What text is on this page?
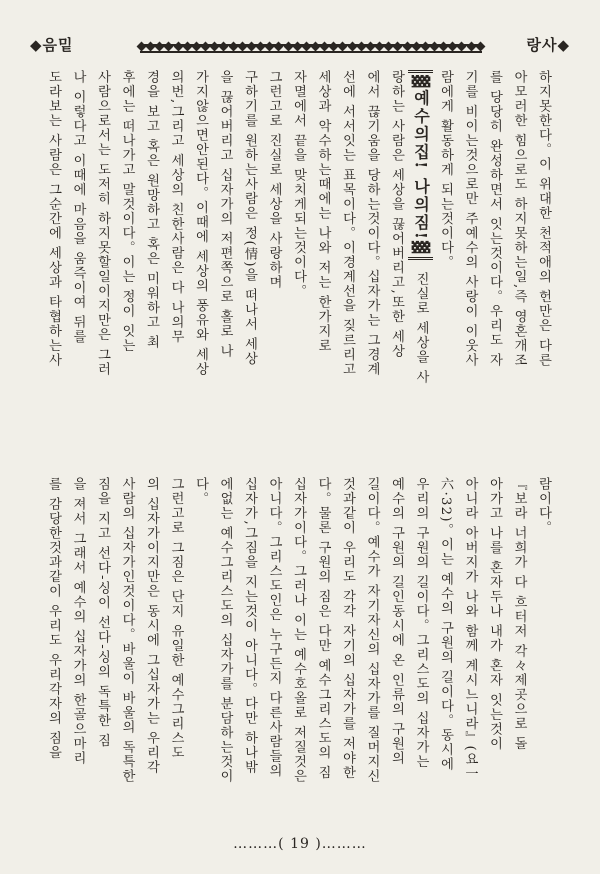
◆음밑	랑사◆

하지못한다。이 위대한 천적애의 헌만은 다른
아모러한 힘으로도 하지못하는일,즉 영혼개조
를 당당히 완성하면서 잇는것이다。우리도 자
기를 비이는것으로만 주예수의 사랑이 이웃사
람에게 활동하게 되는것이다。

▓예수의집! 나의짐!▓ 진실로 세상을 사
랑하는 사람은 세상을 끊어버리고,또한 세상
에서 끊기움을 당하는것이다。십자가는 그경계
선에 서서잇는 표목이다。이경계선을 짖르리고
세상과 악수하는때에는 나와 저는 한가지로
자멸에서 끝을 맞치게되는것이다。

그런고로 진실로 세상을 사랑하며
구하기를 원하는사람은 정(情)을 떠나서 세상
을 끊어버리고 십자가의 저편쪽으로 홀로 나
가지않으면안된다。이때에 세상의 풍유와 세상
의번,그리고 세상의 친한사람은 다 나의무
경을 보고 혹은 원망하고 혹은 미워하고 최
후에는 떠나가고 말것이다。이는 정이 잇는
사람으로서는 도저히 하지못할일이지만은 그러
나 이렇다고 이때에 마음을 움즉이여 뒤를
도라보는 사람은 그순간에 세상과 타협하는사

람이다。

『보라 너희가 다 흐터저 각々제곳으로 돌
아가고 나를 혼자두나 내가 혼자 잇는것이
아니라 아버지가 나와 함께 계시느니라』(요一
六·32)。이는 예수의 구원의 길이다。동시에
우리의 구원의 길이다。그리스도의 십자가는
예수의 구원의 길인동시에 온 인류의 구원의
길이다。예수가 자기자신의 십자가를 질머지신
것과같이 우리도 각각 자기의 십자가를 저야한
다。물론 구원의 짐은 다만 예수그리스도의 짐
십자가이다。그러나 이는 예수호올로 저질것은
아니다。그리스도인은 누구든지 다른사람들의
십자가,그짐을 지는것이 아니다。다만 하나밖
에없는 예수그리스도의 십자가를 분담하는것이
다。

그런고로 그짐은 단지 유일한 예수그리스도
의 십자가이지만은 동시에 그십자가는 우리각
사람의 십자가인것이다。바울이 바울의 독특한
짐을 지고 선다-싱이 선다-싱의 독특한 짐
을 져서 그래서 예수의 십자가의 한골으마리
를 감당한것과같이 우리도 우리각자의 짐을

………( 19 )………
